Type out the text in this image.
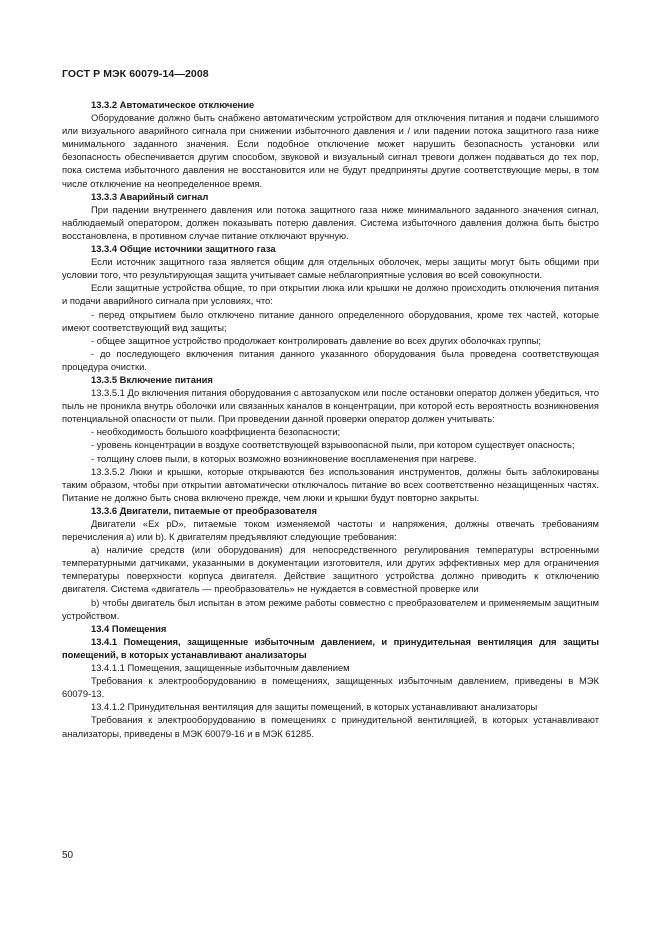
ГОСТ Р МЭК 60079-14—2008

13.3.2 Автоматическое отключение

Оборудование должно быть снабжено автоматическим устройством для отключения питания и подачи слышимого или визуального аварийного сигнала при снижении избыточного давления и / или падении потока защитного газа ниже минимального заданного значения. Если подобное отключение может нарушить безопасность установки или безопасность обеспечивается другим способом, звуковой и визуальный сигнал тревоги должен подаваться до тех пор, пока система избыточного давления не восстановится или не будут предприняты другие соответствующие меры, в том числе отключение на неопределенное время.

13.3.3 Аварийный сигнал

При падении внутреннего давления или потока защитного газа ниже минимального заданного значения сигнал, наблюдаемый оператором, должен показывать потерю давления. Система избыточного давления должна быть быстро восстановлена, в противном случае питание отключают вручную.

13.3.4 Общие источники защитного газа

Если источник защитного газа является общим для отдельных оболочек, меры защиты могут быть общими при условии того, что результирующая защита учитывает самые неблагоприятные условия во всей совокупности.

Если защитные устройства общие, то при открытии люка или крышки не должно происходить отключения питания и подачи аварийного сигнала при условиях, что:

- перед открытием было отключено питание данного определенного оборудования, кроме тех частей, которые имеют соответствующий вид защиты;

- общее защитное устройство продолжает контролировать давление во всех других оболочках группы;

- до последующего включения питания данного указанного оборудования была проведена соответствующая процедура очистки.

13.3.5 Включение питания

13.3.5.1 До включения питания оборудования с автозапуском или после остановки оператор должен убедиться, что пыль не проникла внутрь оболочки или связанных каналов в концентрации, при которой есть вероятность возникновения потенциальной опасности от пыли. При проведении данной проверки оператор должен учитывать:

- необходимость большого коэффициента безопасности;

- уровень концентрации в воздухе соответствующей взрывоопасной пыли, при котором существует опасность;

- толщину слоев пыли, в которых возможно возникновение воспламенения при нагреве.

13.3.5.2 Люки и крышки, которые открываются без использования инструментов, должны быть заблокированы таким образом, чтобы при открытии автоматически отключалось питание во всех соответственно незащищенных частях. Питание не должно быть снова включено прежде, чем люки и крышки будут повторно закрыты.

13.3.6 Двигатели, питаемые от преобразователя

Двигатели «Ex pD», питаемые током изменяемой частоты и напряжения, должны отвечать требованиям перечисления a) или b). К двигателям предъявляют следующие требования:

a) наличие средств (или оборудования) для непосредственного регулирования температуры встроенными температурными датчиками, указанными в документации изготовителя, или других эффективных мер для ограничения температуры поверхности корпуса двигателя. Действие защитного устройства должно приводить к отключению двигателя. Система «двигатель — преобразователь» не нуждается в совместной проверке или

b) чтобы двигатель был испытан в этом режиме работы совместно с преобразователем и применяемым защитным устройством.

13.4 Помещения

13.4.1 Помещения, защищенные избыточным давлением, и принудительная вентиляция для защиты помещений, в которых устанавливают анализаторы

13.4.1.1 Помещения, защищенные избыточным давлением

Требования к электрооборудованию в помещениях, защищенных избыточным давлением, приведены в МЭК 60079-13.

13.4.1.2 Принудительная вентиляция для защиты помещений, в которых устанавливают анализаторы

Требования к электрооборудованию в помещениях с принудительной вентиляцией, в которых устанавливают анализаторы, приведены в МЭК 60079-16 и в МЭК 61285.

50
